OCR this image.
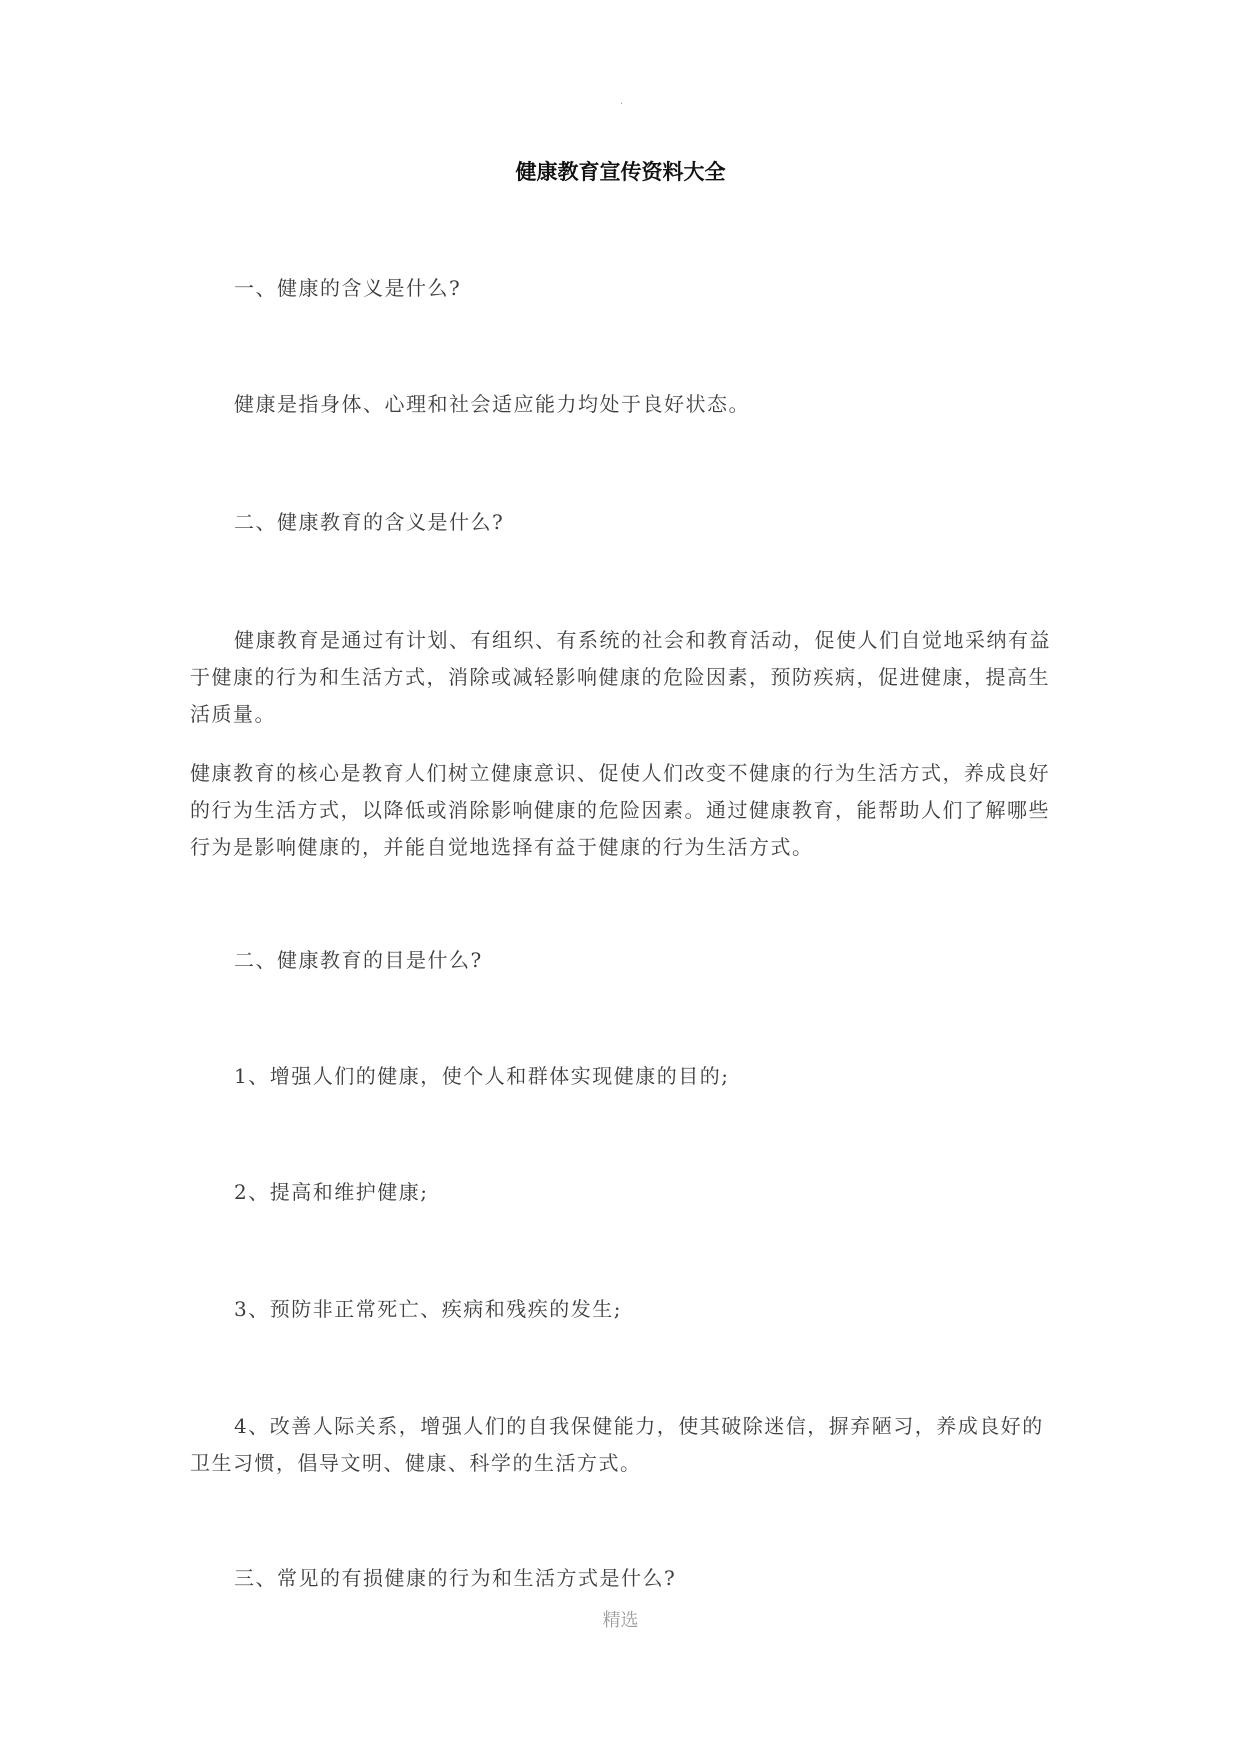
.
健康教育宣传资料大全
一、健康的含义是什么?
健康是指身体、心理和社会适应能力均处于良好状态。
二、健康教育的含义是什么?
健康教育是通过有计划、有组织、有系统的社会和教育活动，促使人们自觉地采纳有益于健康的行为和生活方式，消除或减轻影响健康的危险因素，预防疾病，促进健康，提高生活质量。
健康教育的核心是教育人们树立健康意识、促使人们改变不健康的行为生活方式，养成良好的行为生活方式，以降低或消除影响健康的危险因素。通过健康教育，能帮助人们了解哪些行为是影响健康的，并能自觉地选择有益于健康的行为生活方式。
二、健康教育的目是什么?
1、增强人们的健康，使个人和群体实现健康的目的;
2、提高和维护健康;
3、预防非正常死亡、疾病和残疾的发生;
4、改善人际关系，增强人们的自我保健能力，使其破除迷信，摒弃陋习，养成良好的卫生习惯，倡导文明、健康、科学的生活方式。
三、常见的有损健康的行为和生活方式是什么?
精选
